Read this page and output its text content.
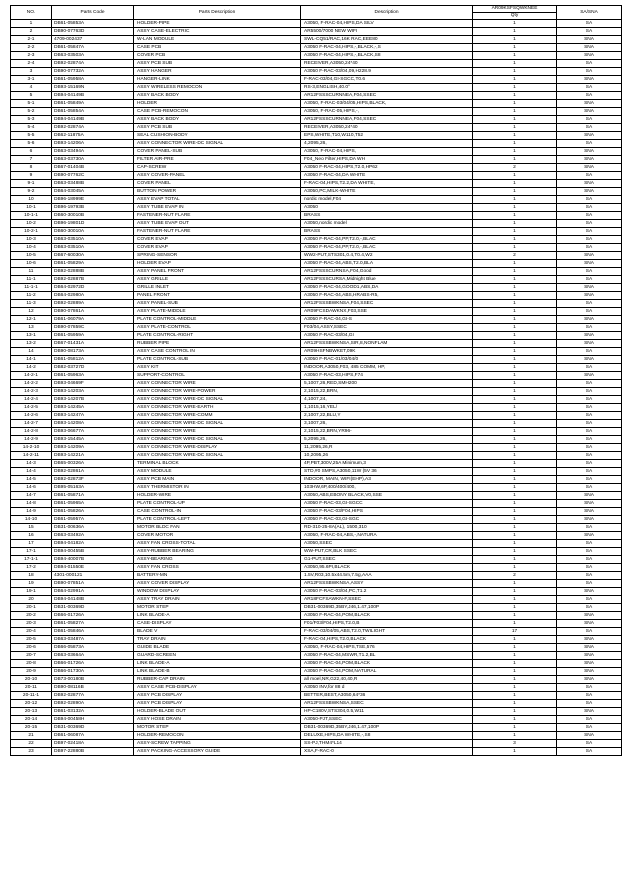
NO.	Parts Code	Parts Description	Description	AR09KSFSQWKNEE	SA/SNA
				Qty	
1	DB61-05853A	HOLDER-PIPE	A3050, F-RAC-04,HIPS,DA SILV	1	SA
2	DB90-07763D	ASSY CASE-ELECTRIC	AR5500/7000 NEW WIFI	1	SA
2-1	4709-002437	W-LAN MODULE	SWL-CQ51/RAC,16K RAC,EEE80	1	SNA
2-2	DB61-05847A	CASE PCB	A3050 F-RAC-04,HIPS,-,BLACK,-,S	1	SNA
2-3	DB63-03503A	COVER PCB	A3050 F-RAC-04,HIPS,-,BLACK,S8	1	SNA
2-4	DB92-02874A	ASSY PCB SUB	RECEIVER,A3050,24*40	1	SA
3	DB90-07732A	ASSY HANGER	A3050 F-RAC-03/04,09,H228.9	1	SA
3-1	DB61-05958A	HANGER-LINK	F-RAC-03/04,GI-SGCC,T0.6	1	SNA
4	DB93-15169N	ASSY WIRELESS REMOCON	RS-3,ENGLISH,40.0°	1	SA
5	DB94-04149B	ASSY BACK BODY	AR12FSSSCURNNEA,F04,SSEC	1	SA
5-1	DB61-05849A	HOLDER	A3050, F-RAC-03/04/05,HIPS,BLACK,	1	SNA
5-2	DB61-05854A	CASE PCB-REMOCON	A3050, F-RAC-05,HIPS,-,	1	SNA
5-3	DB94-04149B	ASSY BACK BODY	AR12FSSSCURNNEA,F04,SSEC	1	SA
5-4	DB92-02874A	ASSY PCB SUB	RECEIVER,A3050,24*40	1	SA
5-5	DB62-11875A	SEAL CUSHION-BODY	EPS,WHITE,T10,W110,T52	1	SNA
5-6	DB93-14206A	ASSY CONNECTOR WIRE-DC SIGNAL	4,2095,26,	1	SA
6	DB63-03494A	COVER PANEL-SUB	A3050, F-RAC-04,HIPS,	1	SNA
7	DB63-03730A	FILTER AIR-PRE	F04_Neo Filter,HIPS,DA WH	1	SNA
8	DB67-01404B	CAP-SCREW	A3050 F-RAC-04,HIPS,T2.0,HP62	2	SNA
9	DB90-07762C	ASSY COVER-PANEL	A3050 F-RAC-04,DA WHITE	1	SA
9-1	DB63-03488B	COVER PANEL	F-RAC-04,HIPS,T2.2,DA WHITE,	1	SNA
9-2	DB64-03045A	BUTTON POWER	A3050,PC,MILK-WHITE	1	SNA
10	DB96-18999E	ASSY EVAP TOTAL	nordic model,F04	1	SA
10-1	DB96-19793B	ASSY TUBE EVAP IN	A3050	1	SA
10-1-1	DB60-30010B	FASTENER-NUT FLARE	BRASS	1	SA
10-2	DB96-19801D	ASSY TUBE EVAP OUT	A3050,nordic model	1	SA
10-2-1	DB60-30010A	FASTENER-NUT FLARE	BRASS	1	SA
10-3	DB63-03510A	COVER EVAP	A3050 F-RAC-04,PP,T2.0,-,BLAC	1	SA
10-4	DB63-03510A	COVER EVAP	A3050 F-RAC-04,PP,T2.0,-,BLAC	1	SA
10-5	DB67-60030A	SPRING-SENSOR	WW2-PUT,STS301,0.4,T0.4,W2	2	SNA
10-6	DB61-05829A	HOLDER EVAP	A3050 F-RAC-04,ABS,T2.0,BLA	1	SNA
11	DB92-02888B	ASSY PANEL FRONT	AR12FSSSCURNSA,F04,Good	1	SA
11-1	DB92-02887B	ASSY GRILLE	AR12FSSSCURSA,Midnight Blue	1	SA
11-1-1	DB64-02972D	GRILLE INLET	A3050 F-RAC-04,GOOD1,ABS,DA	1	SNA
11-2	DB64-02980A	PANEL FRONT	A3050 F-RAC-04,ABS,HRABS-R5,	1	SNA
11-3	DB92-02889A	ASSY PANEL-SUB	AR12FSSSBWKNSA,F04,SSEC	1	SA
12	DB90-07861A	ASSY PLATE-MIDDLE	AR09FCSDAWKNX,F03,SSE	1	SA
12-1	DB61-06079A	PLATE CONTROL-MIDDLE	A3050 F-RAC-04,GI-S	1	SNA
13	DB90-07859C	ASSY PLATE-CONTROL	F03/04,ASSY,SSEC	1	SA
13-1	DB61-05959A	PLATE CONTROL-RIGHT	A3050 F-RAC-03/04,GI	1	SNA
13-2	DB67-01431A	RUBBER PIPE	AR12FSSSBWKNSA,SIR,8,NONFLAM	1	SNA
14	DB90-08173A	ASSY CASE CONTROL IN	AR09HSFNBWKET,09K	1	SA
14-1	DB61-05812A	PLATE CONTROL-SUB	A3050 F-RAC-01/03/04/0	1	SNA
14-2	DB82-03727D	ASSY KIT	INDOOR,A3050,F03, 485 COMM, HP,	1	SA
14-2-1	DB61-05963A	SUPPORT-CONTROL	A3050 F-RAC-03,HIPS,F74	1	SNA
14-2-2	DB93-04669F	ASSY CONNECTOR WIRE	5,1007,26,RED,SMH200	1	SA
14-2-3	DB93-14203A	ASSY CONNECTOR WIRE-POWER	2,1015,22,BRN,	1	SA
14-2-4	DB93-14207B	ASSY CONNECTOR WIRE-DC SIGNAL	4,1007,24,	1	SA
14-2-5	DB93-14245A	ASSY CONNECTOR WIRE-EARTH	1,1015,16,YEL/	1	SA
14-2-6	DB93-14247A	ASSY CONNECTOR WIRE-COMM	2,1007,22,BLU,Y	1	SA
14-2-7	DB93-14208A	ASSY CONNECTOR WIRE-DC SIGNAL	3,1007,26,	1	SA
14-2-8	DB93-06677A	ASSY CONNECTOR WIRE	2,1015,22,BRN,YR96-	1	SA
14-2-9	DB93-15445A	ASSY CONNECTOR WIRE-DC SIGNAL	5,2095,26,	1	SA
14-2-10	DB93-14209A	ASSY CONNECTOR WIRE-DISPLAY	11,2095,26,R	1	SA
14-2-11	DB93-14221A	ASSY CONNECTOR WIRE-DC SIGNAL	10,2095,26	1	SA
14-3	DB65-00326A	TERMINAL BLOCK	4P,PBT,300V,25A Minimum,3	1	SA
14-4	DB92-02861A	ASSY MODULE	STD,#0 SMPS,A3050,11W (5V 36	1	SA
14-5	DB92-02873F	ASSY PCB MAIN	INDOOR, MAIN, WIFI(EHP),A3	1	SA
14-6	DB95-05163A	ASSY THERMISTOR IN	103HW,6P,400/400/400,	1	SA
14-7	DB61-05871A	HOLDER-WIRE	A3050,ABS,EBONY BLACK,V0,SSE	1	SNA
14-8	DB61-05965A	PLATE CONTROL-UP	A3050 F-RAC-03,GI-SGCC	1	SNA
14-9	DB61-05826A	CASE CONTROL-IN	A3050 F-RAC-03/F04,HIPS	1	SNA
14-10	DB61-05957A	PLATE CONTROL-LEFT	A3050 F-RAC-03,GI-SGC	1	SNA
15	DB31-00636A	MOTOR BLDC FAN	RD-310-25-8A(AL), 1500,310	1	SA
16	DB63-03492A	COVER MOTOR	A3050, F-RAC-04,ABS,-,NATURA	1	SNA
17	DB94-04182A	ASSY FAN CROSS-TOTAL	A3050,SSEC	1	SA
17-1	DB94-00455B	ASSY-RUBBER BEARING	WW-PUT,CR,BLK SSEC	1	SA
17-1-1	DB94-40007B	ASSY-BEARING	G1-PUT,SSEC	1	SA
17-2	DB94-01550E	ASSY FAN CROSS	A3050,95.6PI,BLACK	1	SA
18	4301-000121	BATTERY-MN	1.5V,R03,10.5x44.5m,7.5g,AAA	2	SA
19	DB90-07851A	ASSY COVER DISPLAY	AR12FSSSBWKNSA,ASSY	1	SA
19-1	DB64-02991A	WINDOW DISPLAY	A3050 F-RAC-03/04,PC,T1.2	1	SNA
20	DB94-04148B	ASSY TRAY DRAIN	AR18FCFSAWKN-F,SSEC	1	SA
20-1	DB31-00369D	MOTOR STEP	DB31-00369D,35BY,J46,1.47,100P	1	SA
20-2	DB66-01726A	LINK BLADE-A	A3050 F-RAC-04,POM,BLACK	1	SNA
20-3	DB61-05827A	CASE-DISPLAY	F01/F03/F04,HIPS,T2.0,B	1	SNA
20-4	DB61-05846A	BLADE V	F-RAC-03/04/05,ABS,T2.0,TWILIGHT	17	SA
20-5	DB63-03487A	TRAY DRAIN	F-RAC-04,HIPS,T2.0,BLACK	1	SNA
20-6	DB66-05873A	GUIDE BLADE	A3050, F-RAC-04,HIPS,TSE,576	1	SNA
20-7	DB63-03664A	GUARD-SCREEN	A3050 F-RAC-04,MSWR,T1.2,BL	1	SNA
20-8	DB66-01726A	LINK BLADE-A	A3050 F-RAC-04,POM,BLACK	1	SNA
20-9	DB66-01730A	LINK BLADE-B	A3050 F-RAC-04,POM,NATURAL	1	SNA
20-10	DB73-00180B	RUBBER-CAP DRAIN	all moel,NR,G22,40,40,R	1	SNA
20-11	DB90-08116B	ASSY CASE PCB-DISPLAY	A3050 INV,for 88 d	1	SA
20-11-1	DB92-02877A	ASSY PCB DISPLAY	BETTER,BEST,A3050,64*36	1	SA
20-12	DB92-02890A	ASSY PCB DISPLAY	AR12FSSSBWKNSA,SSEC	1	SA
20-13	DB61-03132A	HOLDER-BLADE OUT	HP-C180V,STS304,0.5,W11	1	SNA
20-14	DB94-00458H	ASSY HOSE DRAIN	A3050-PJT,SSEC	1	SA
20-15	DB31-00369D	MOTOR STEP	DB31-00369D,35BY,J46,1.47,100P	1	SA
21	DB61-06087A	HOLDER-REMOCON	DELUXE,HIPS,DA WHITE,-,S8	1	SNA
22	DB97-02418A	ASSY-SCREW TAPPING	SS-PJ,THM4*L14	3	SA
23	DB97-22880B	ASSY PACKING-ACCESSORY GUIDE	XSA,F-RAC-0	1	SA
